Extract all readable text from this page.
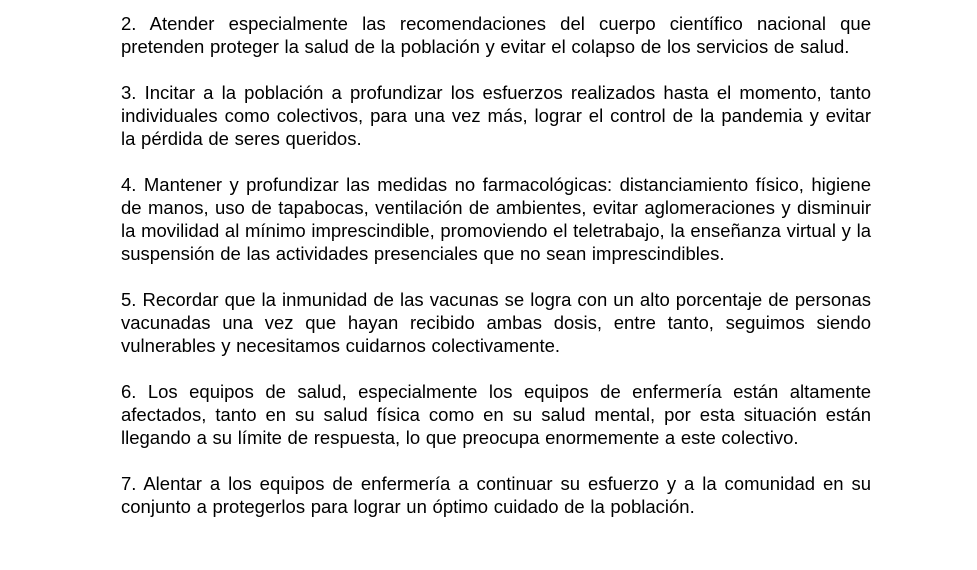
2. Atender especialmente las recomendaciones del cuerpo científico nacional que pretenden proteger la salud de la población y evitar el colapso de los servicios de salud.

3. Incitar a la población a profundizar los esfuerzos realizados hasta el momento, tanto individuales como colectivos, para una vez más, lograr el control de la pandemia y evitar la pérdida de seres queridos.

4. Mantener y profundizar las medidas no farmacológicas: distanciamiento físico, higiene de manos, uso de tapabocas, ventilación de ambientes, evitar aglomeraciones y disminuir la movilidad al mínimo imprescindible, promoviendo el teletrabajo, la enseñanza virtual y la suspensión de las actividades presenciales que no sean imprescindibles.

5. Recordar que la inmunidad de las vacunas se logra con un alto porcentaje de personas vacunadas una vez que hayan recibido ambas dosis, entre tanto, seguimos siendo vulnerables y necesitamos cuidarnos colectivamente.

6. Los equipos de salud, especialmente los equipos de enfermería están altamente afectados, tanto en su salud física como en su salud mental, por esta situación están llegando a su límite de respuesta, lo que preocupa enormemente a este colectivo.

7. Alentar a los equipos de enfermería a continuar su esfuerzo y a la comunidad en su conjunto a protegerlos para lograr un óptimo cuidado de la población.
